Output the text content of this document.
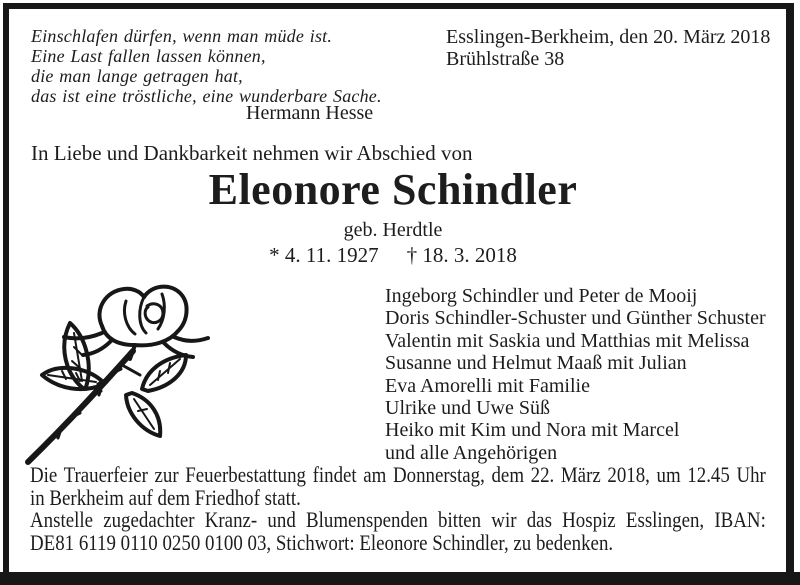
Einschlafen dürfen, wenn man müde ist.
Eine Last fallen lassen können,
die man lange getragen hat,
das ist eine tröstliche, eine wunderbare Sache.
Hermann Hesse
Esslingen-Berkheim, den 20. März 2018
Brühlstraße 38
In Liebe und Dankbarkeit nehmen wir Abschied von
Eleonore Schindler
geb. Herdtle
* 4. 11. 1927 † 18. 3. 2018
Ingeborg Schindler und Peter de Mooij
Doris Schindler-Schuster und Günther Schuster
Valentin mit Saskia und Matthias mit Melissa
Susanne und Helmut Maaß mit Julian
Eva Amorelli mit Familie
Ulrike und Uwe Süß
Heiko mit Kim und Nora mit Marcel
und alle Angehörigen
Die Trauerfeier zur Feuerbestattung findet am Donnerstag, dem 22. März 2018, um 12.45 Uhr
in Berkheim auf dem Friedhof statt.
Anstelle zugedachter Kranz- und Blumenspenden bitten wir das Hospiz Esslingen, IBAN:
DE81 6119 0110 0250 0100 03, Stichwort: Eleonore Schindler, zu bedenken.
